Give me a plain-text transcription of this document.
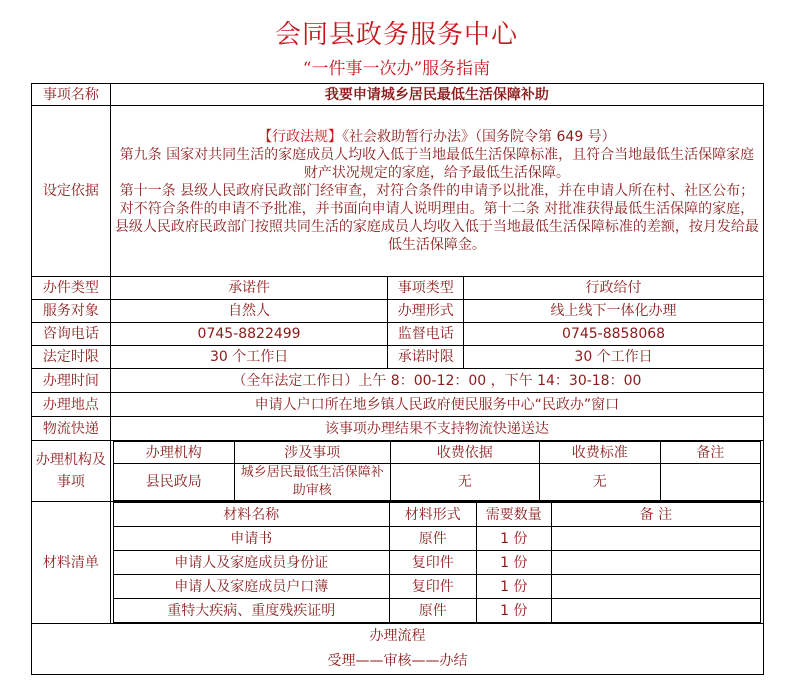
会同县政务服务中心
“一件事一次办”服务指南
事项名称	我要申请城乡居民最低生活保障补助
设定依据	

【行政法规】《社会救助暂行办法》（国务院令第 649 号）

第九条 国家对共同生活的家庭成员人均收入低于当地最低生活保障标准，且符合当地最低生活保障家庭财产状况规定的家庭，给予最低生活保障。

第十一条 县级人民政府民政部门经审查，对符合条件的申请予以批准，并在申请人所在村、社区公布；对不符合条件的申请不予批准，并书面向申请人说明理由。第十二条 对批准获得最低生活保障的家庭，县级人民政府民政部门按照共同生活的家庭成员人均收入低于当地最低生活保障标准的差额，按月发给最低生活保障金。

办件类型	承诺件	事项类型	行政给付
服务对象	自然人	办理形式	线上线下一体化办理
咨询电话	0745-8822499	监督电话	0745-8858068
法定时限	30 个工作日	承诺时限	30 个工作日
办理时间	（全年法定工作日）上午 8：00-12：00 ，下午 14：30-18：00
办理地点	申请人户口所在地乡镇人民政府便民服务中心“民政办”窗口
物流快递	该事项办理结果不支持物流快递送达
办理机构及事项	
办理机构	涉及事项	收费依据	收费标准	备注
县民政局	城乡居民最低生活保障补助审核	无	无	

材料清单	
材料名称	材料形式	需要数量	备 注
申请书	原件	1 份	
申请人及家庭成员身份证	复印件	1 份	
申请人及家庭成员户口薄	复印件	1 份	
重特大疾病、重度残疾证明	原件	1 份	

办理流程
受理——审核——办结
